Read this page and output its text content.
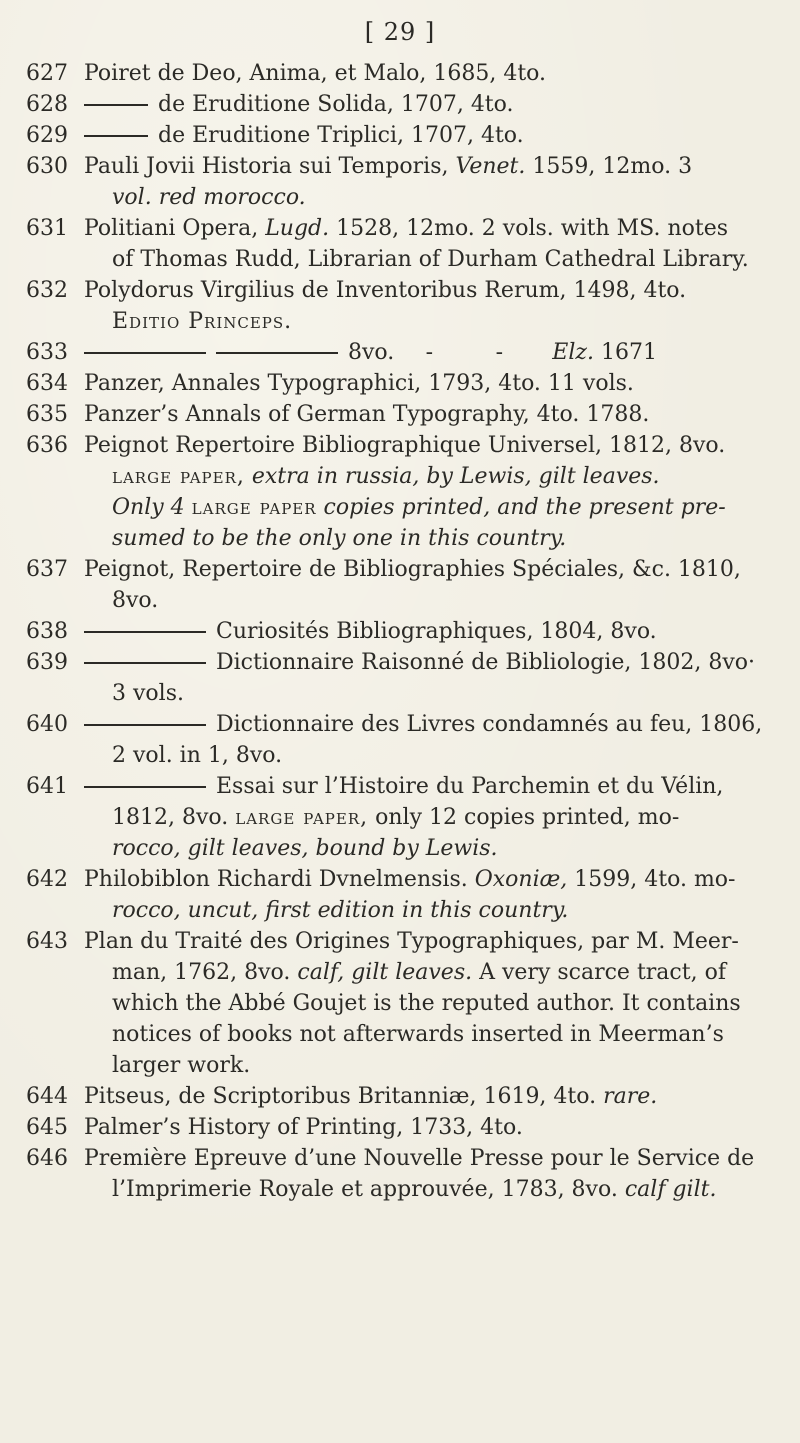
[ 29 ]
627 Poiret de Deo, Anima, et Malo, 1685, 4to.
628	de Eruditione Solida, 1707, 4to.
629	de Eruditione Triplici, 1707, 4to.
630 Pauli Jovii Historia sui Temporis, Venet. 1559, 12mo. 3
vol. red morocco.
631 Politiani Opera, Lugd. 1528, 12mo. 2 vols. with MS. notes
of Thomas Rudd, Librarian of Durham Cathedral Library.
632 Polydorus Virgilius de Inventoribus Rerum, 1498, 4to.
Editio Princeps.
633	8vo. -	- Elz. 1671
634 Panzer, Annales Typographici, 1793, 4to. 11 vols.
635 Panzer’s Annals of German Typography, 4to. 1788.
636 Peignot Repertoire Bibliographique Universel, 1812, 8vo.
large paper, extra in russia, by Lewis, gilt leaves.
Only 4 large paper copies printed, and the present pre-
sumed to be the only one in this country.
637 Peignot, Repertoire de Bibliographies Spéciales, &c. 1810,
8vo.
638	Curiosités Bibliographiques, 1804, 8vo.
639	Dictionnaire Raisonné de Bibliologie, 1802, 8vo·
3 vols.
640	Dictionnaire des Livres condamnés au feu, 1806,
2 vol. in 1, 8vo.
641	Essai sur l’Histoire du Parchemin et du Vélin,
1812, 8vo. large paper, only 12 copies printed, mo-
rocco, gilt leaves, bound by Lewis.
642 Philobiblon Richardi Dvnelmensis. Oxoniæ, 1599, 4to. mo-
rocco, uncut, first edition in this country.
643 Plan du Traité des Origines Typographiques, par M. Meer-
man, 1762, 8vo. calf, gilt leaves. A very scarce tract, of
which the Abbé Goujet is the reputed author. It contains
notices of books not afterwards inserted in Meerman’s
larger work.
644 Pitseus, de Scriptoribus Britanniæ, 1619, 4to. rare.
645 Palmer’s History of Printing, 1733, 4to.
646 Première Epreuve d’une Nouvelle Presse pour le Service de
l’Imprimerie Royale et approuvée, 1783, 8vo. calf gilt.
